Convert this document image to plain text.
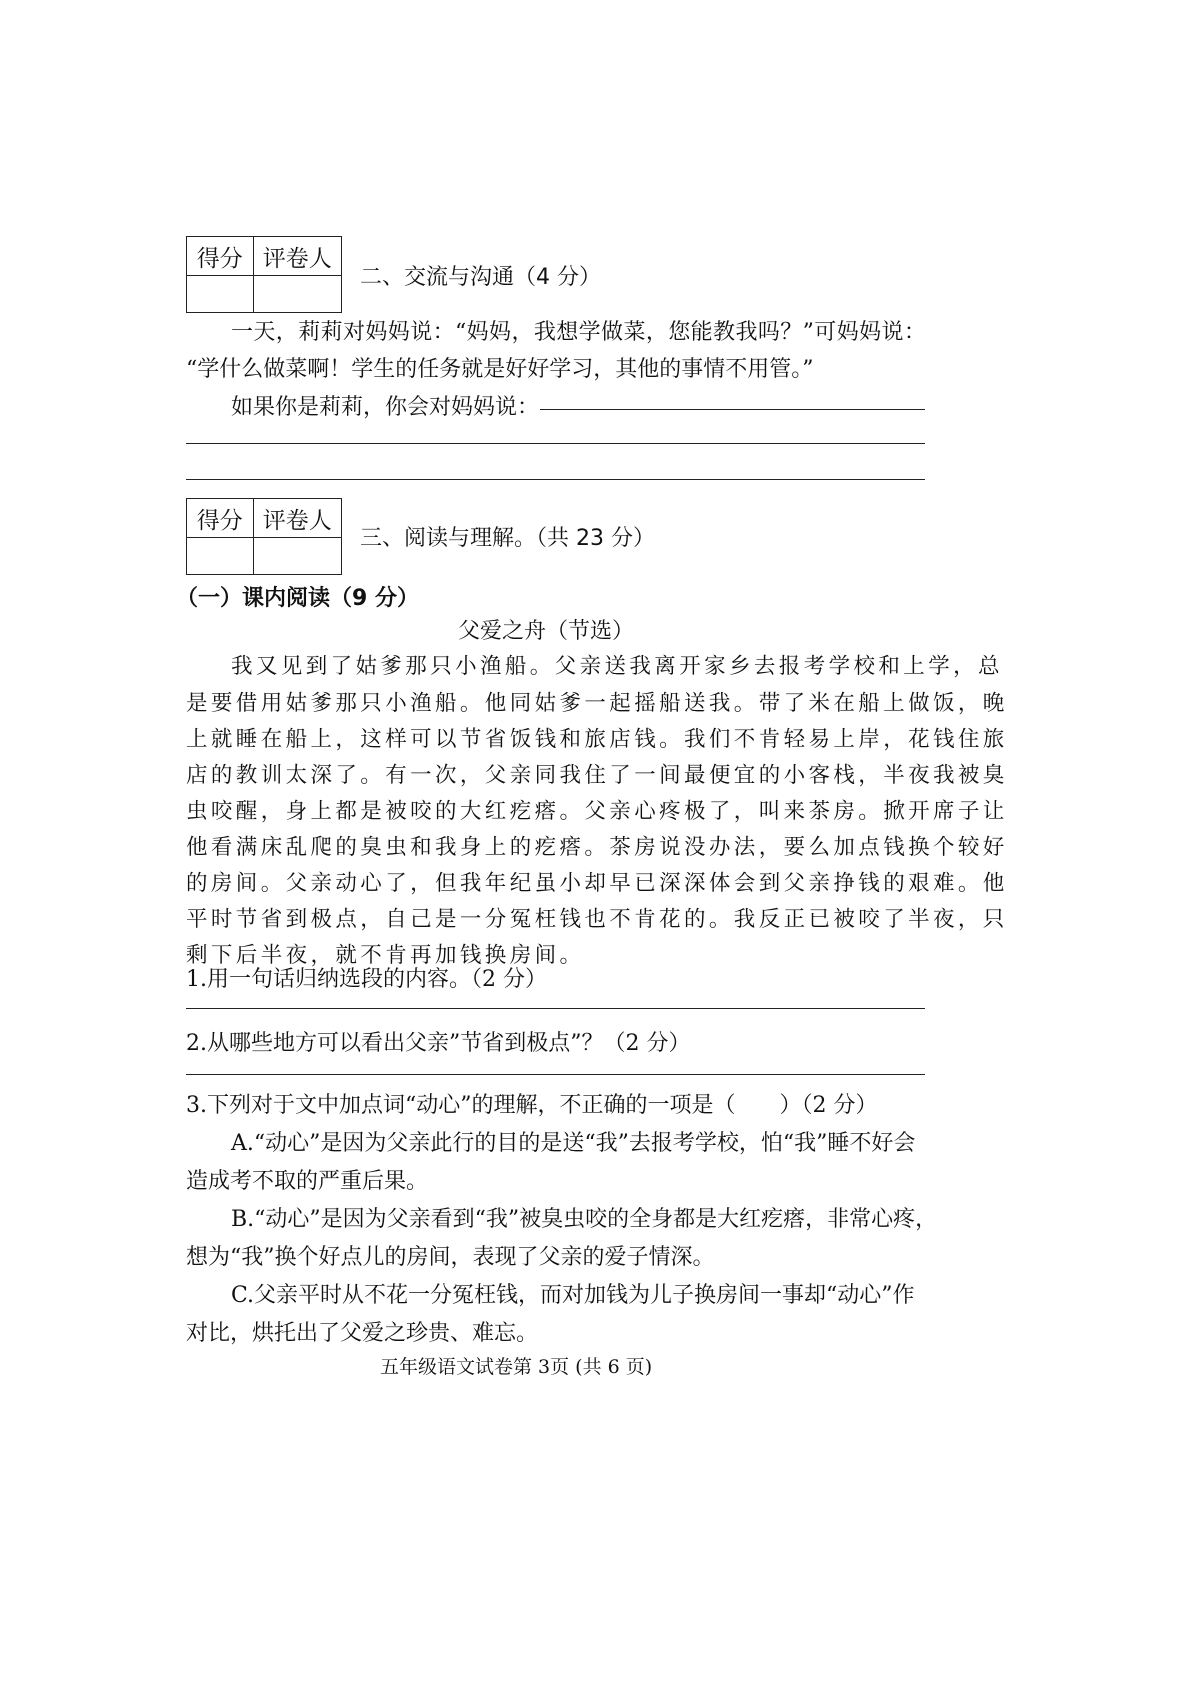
得分	评卷人

二、交流与沟通（4 分）
一天，莉莉对妈妈说：“妈妈，我想学做菜，您能教我吗？”可妈妈说：
“学什么做菜啊！学生的任务就是好好学习，其他的事情不用管。”
如果你是莉莉，你会对妈妈说：
得分	评卷人

三、阅读与理解。（共 23 分）
（一）课内阅读（9 分）
父爱之舟（节选）
我又见到了姑爹那只小渔船。父亲送我离开家乡去报考学校和上学，总
是要借用姑爹那只小渔船。他同姑爹一起摇船送我。带了米在船上做饭，晚
上就睡在船上，这样可以节省饭钱和旅店钱。我们不肯轻易上岸，花钱住旅
店的教训太深了。有一次，父亲同我住了一间最便宜的小客栈，半夜我被臭
虫咬醒，身上都是被咬的大红疙瘩。父亲心疼极了，叫来茶房。掀开席子让
他看满床乱爬的臭虫和我身上的疙瘩。茶房说没办法，要么加点钱换个较好
的房间。父亲动心了，但我年纪虽小却早已深深体会到父亲挣钱的艰难。他
平时节省到极点，自己是一分冤枉钱也不肯花的。我反正已被咬了半夜，只
剩下后半夜，就不肯再加钱换房间。
1.用一句话归纳选段的内容。（2 分）
2.从哪些地方可以看出父亲”节省到极点”？（2 分）
3.下列对于文中加点词“动心”的理解，不正确的一项是（　　）（2 分）
A.“动心”是因为父亲此行的目的是送“我”去报考学校，怕“我”睡不好会
造成考不取的严重后果。
B.“动心”是因为父亲看到“我”被臭虫咬的全身都是大红疙瘩，非常心疼，
想为“我”换个好点儿的房间，表现了父亲的爱子情深。
C.父亲平时从不花一分冤枉钱，而对加钱为儿子换房间一事却“动心”作
对比，烘托出了父爱之珍贵、难忘。
五年级语文试卷第 3页 (共 6 页)
